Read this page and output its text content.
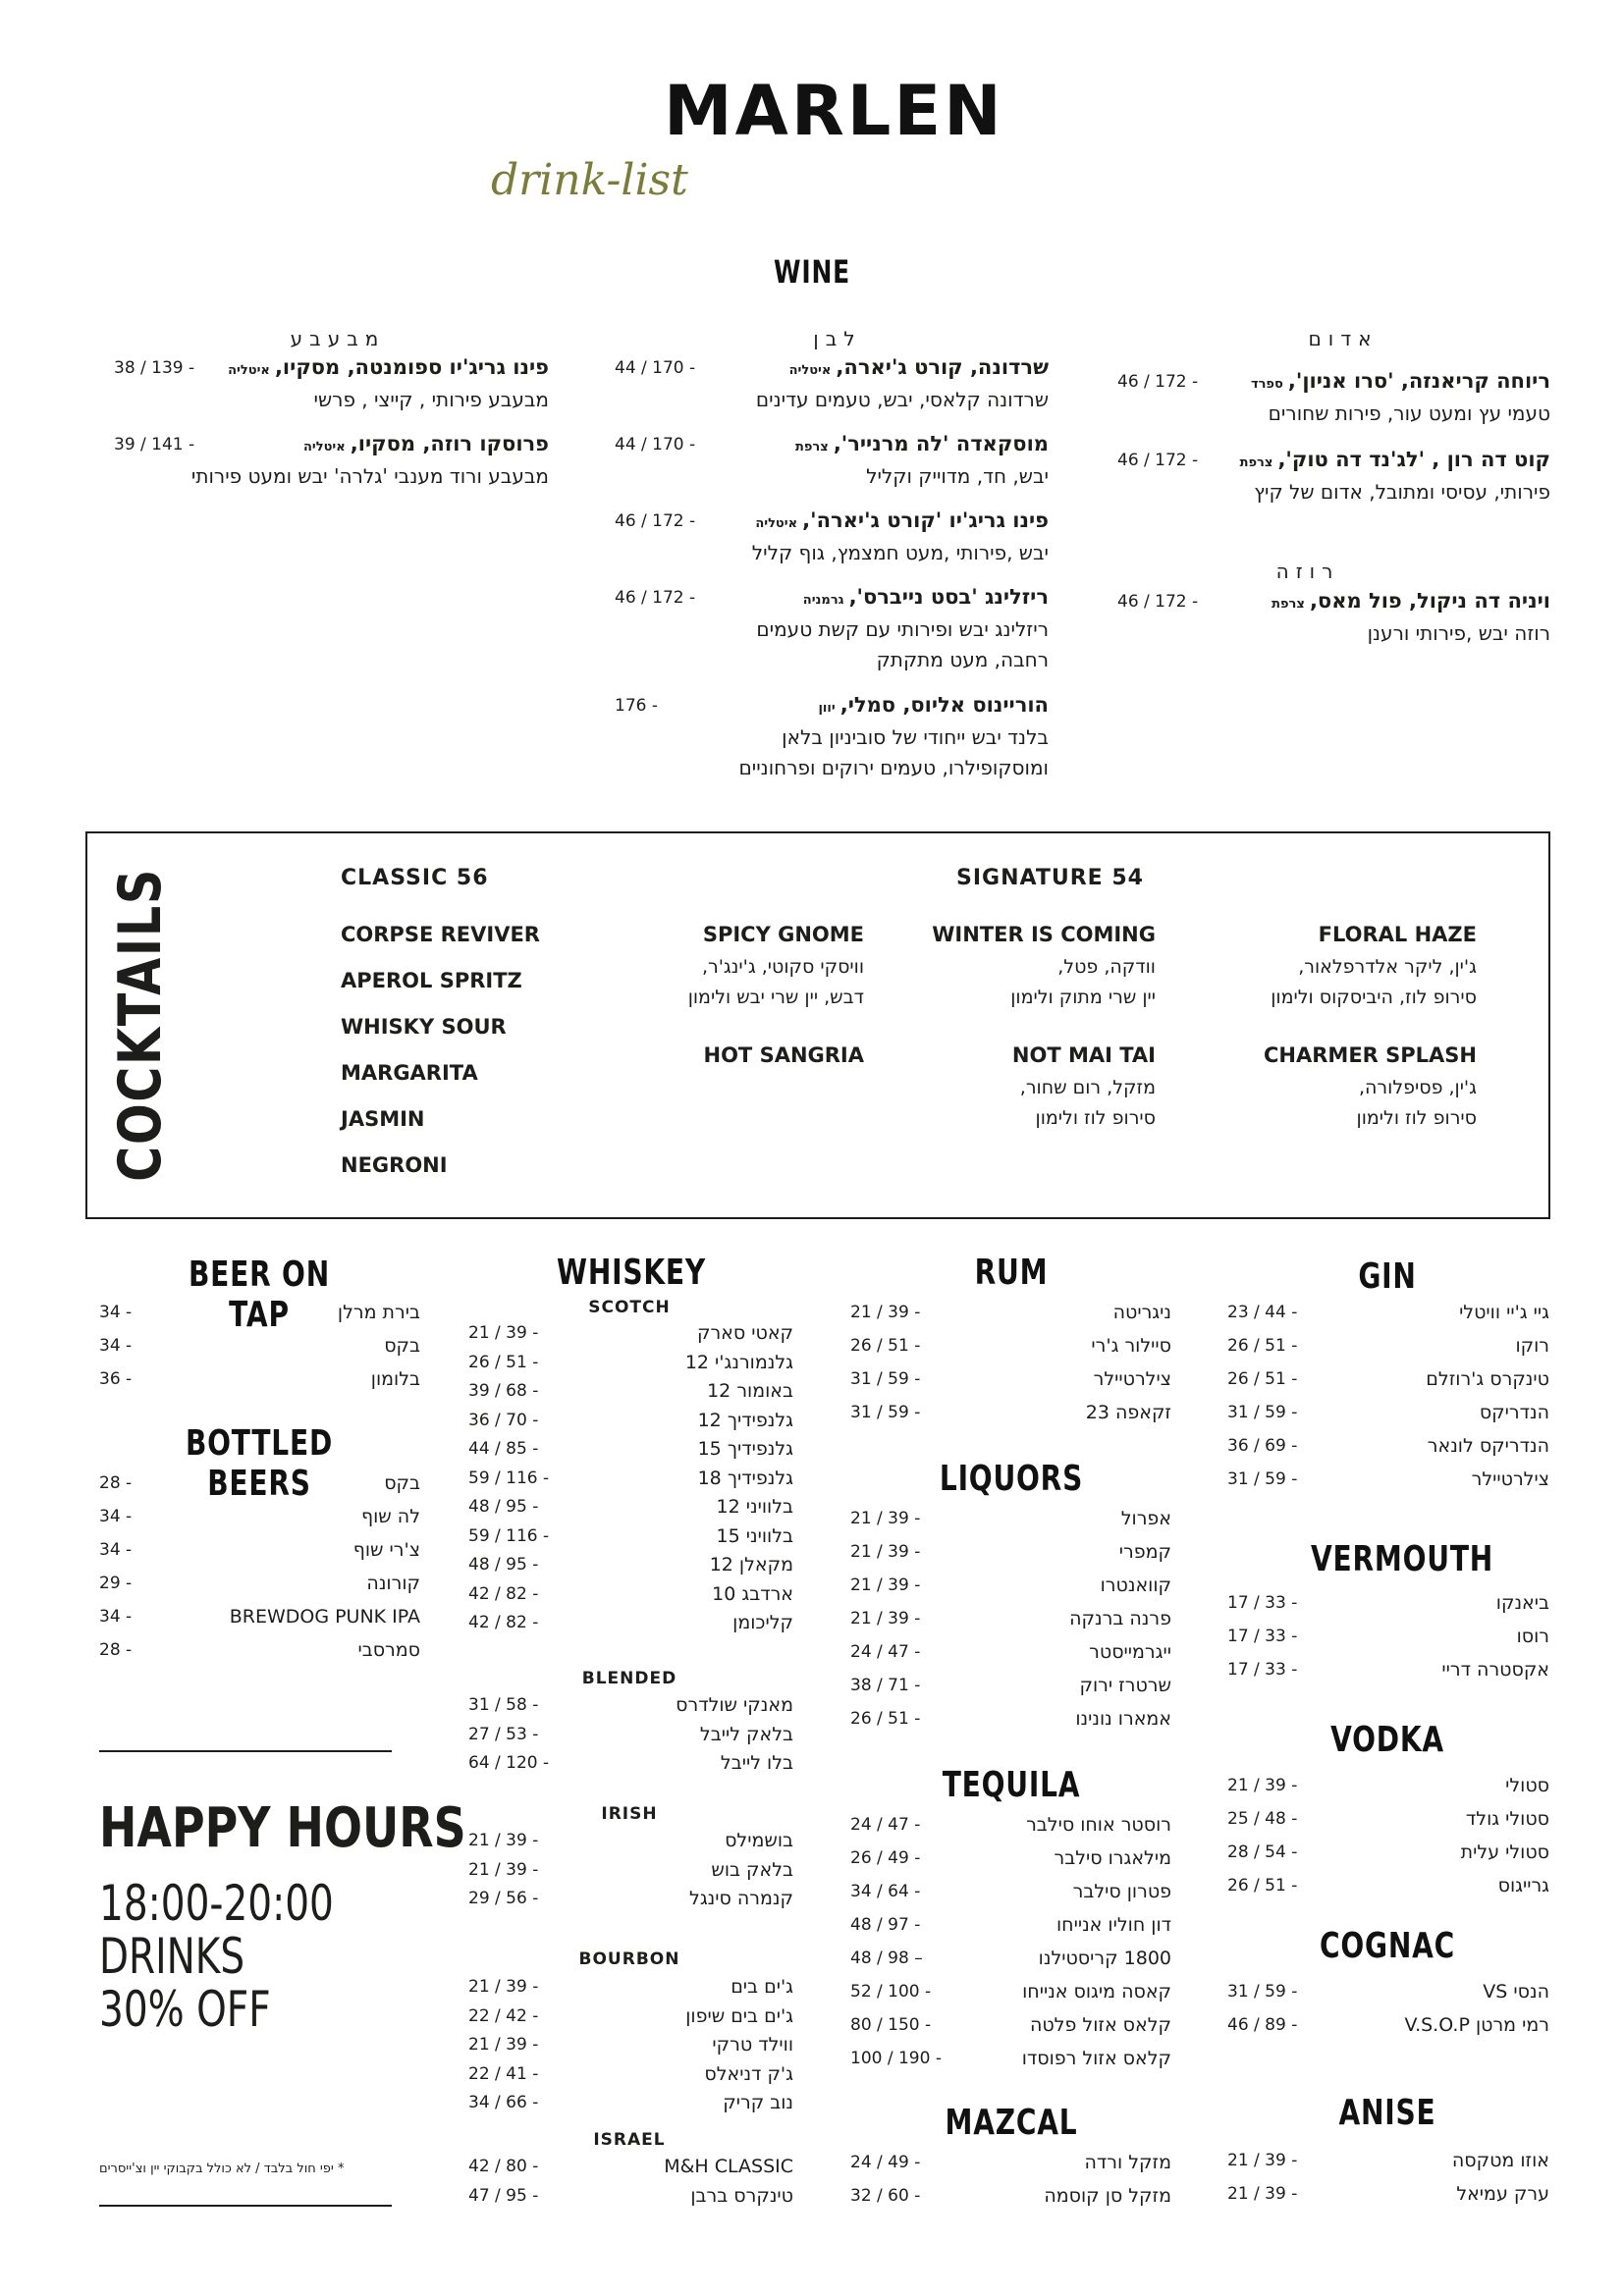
MARLEN
drink-list
WINE
מבעבע	לבן	אדום
רוזה
פינו גריג'יו ספומנטה, מסקיו, איטליה
מבעבע פירותי , קייצי , פרשי
38 / 139 -
פרוסקו רוזה, מסקיו, איטליה
מבעבע ורוד מענבי 'גלרה' יבש ומעט פירותי
39 / 141 -
שרדונה, קורט ג'יארה, איטליה
שרדונה קלאסי, יבש, טעמים עדינים
44 / 170 -
מוסקאדה 'לה מרנייר', צרפת
יבש, חד, מדוייק וקליל
44 / 170 -
פינו גריג'יו 'קורט ג'יארה', איטליה
יבש ,פירותי ,מעט חמצמץ, גוף קליל
46 / 172 -
ריזלינג 'בסט נייברס', גרמניה
ריזלינג יבש ופירותי עם קשת טעמים
רחבה, מעט מתקתק
46 / 172 -
הוריינוס אליוס, סמלי, יוון
בלנד יבש ייחודי של סוביניון בלאן
ומוסקופילרו, טעמים ירוקים ופרחוניים
176 -
ריוחה קריאנזה, 'סרו אניון', ספרד
טעמי עץ ומעט עור, פירות שחורים
46 / 172 -
קוט דה רון , 'לג'נד דה טוק', צרפת
פירותי, עסיסי ומתובל, אדום של קיץ
46 / 172 -
ויניה דה ניקול, פול מאס, צרפת
רוזה יבש ,פירותי ורענן
46 / 172 -
COCKTAILS	CLASSIC 56	SIGNATURE 54
CORPSE REVIVER
APEROL SPRITZ
WHISKY SOUR
MARGARITA
JASMIN
NEGRONI
FLORAL HAZE
ג'ין, ליקר אלדרפלאור,
סירופ לוז, היביסקוס ולימון
WINTER IS COMING
וודקה, פטל,
יין שרי מתוק ולימון
SPICY GNOME
וויסקי סקוטי, ג'ינג'ר,
דבש, יין שרי יבש ולימון
CHARMER SPLASH
ג'ין, פסיפלורה,
סירופ לוז ולימון
NOT MAI TAI
מזקל, רום שחור,
סירופ לוז ולימון
HOT SANGRIA
BEER ON TAP
BOTTLED BEERS
HAPPY HOURS
18:00-20:00
DRINKS
30% OFF
* יפי חול בלבד / לא כולל בקבוקי יין וצ'ייסרים
WHISKEY	RUM
LIQUORS
TEQUILA
MAZCAL
GIN
VERMOUTH
VODKA
COGNAC
ANISE
SCOTCH
BLENDED
IRISH
BOURBON
ISRAEL
בירת מרלן
34 -
בקס
34 -
בלומון
36 -
בקס
28 -
לה שוף
34 -
צ'רי שוף
34 -
קורונה
29 -
BREWDOG PUNK IPA
34 -
סמרסבי
28 -
קאטי סארק
21 / 39 -
גלנמורנג'י 12
26 / 51 -
באומור 12
39 / 68 -
גלנפידיך 12
36 / 70 -
גלנפידיך 15
44 / 85 -
גלנפידיך 18
59 / 116 -
בלוויני 12
48 / 95 -
בלוויני 15
59 / 116 -
מקאלן 12
48 / 95 -
ארדבג 10
42 / 82 -
קליכומן
42 / 82 -
מאנקי שולדרס
31 / 58 -
בלאק לייבל
27 / 53 -
בלו לייבל
64 / 120 -
בושמילס
21 / 39 -
בלאק בוש
21 / 39 -
קנמרה סינגל
29 / 56 -
ג'ים בים
21 / 39 -
ג'ים בים שיפון
22 / 42 -
ווילד טרקי
21 / 39 -
ג'ק דניאלס
22 / 41 -
נוב קריק
34 / 66 -
M&H CLASSIC
42 / 80 -
טינקרס ברבן
47 / 95 -
ניגריטה
21 / 39 -
סיילור ג'רי
26 / 51 -
צילרטיילר
31 / 59 -
זקאפה 23
31 / 59 -
אפרול
21 / 39 -
קמפרי
21 / 39 -
קוואנטרו
21 / 39 -
פרנה ברנקה
21 / 39 -
ייגרמייסטר
24 / 47 -
שרטרז ירוק
38 / 71 -
אמארו נונינו
26 / 51 -
רוסטר אוחו סילבר
24 / 47 -
מילאגרו סילבר
26 / 49 -
פטרון סילבר
34 / 64 -
דון חוליו אנייחו
48 / 97 -
1800 קריסטילנו
48 / 98 –
קאסה מיגוס אנייחו
52 / 100 -
קלאס אזול פלטה
80 / 150 -
קלאס אזול רפוסדו
100 / 190 -
מזקל ורדה
24 / 49 -
מזקל סן קוסמה
32 / 60 -
גיי ג'יי וויטלי
23 / 44 -
רוקו
26 / 51 -
טינקרס ג'רוזלם
26 / 51 -
הנדריקס
31 / 59 -
הנדריקס לונאר
36 / 69 -
צילרטיילר
31 / 59 -
ביאנקו
17 / 33 -
רוסו
17 / 33 -
אקסטרה דריי
17 / 33 -
סטולי
21 / 39 -
סטולי גולד
25 / 48 -
סטולי עלית
28 / 54 -
גרייגוס
26 / 51 -
VS הנסי
31 / 59 -
V.S.O.P רמי מרטן
46 / 89 -
אוזו מטקסה
21 / 39 -
ערק עמיאל
21 / 39 -
